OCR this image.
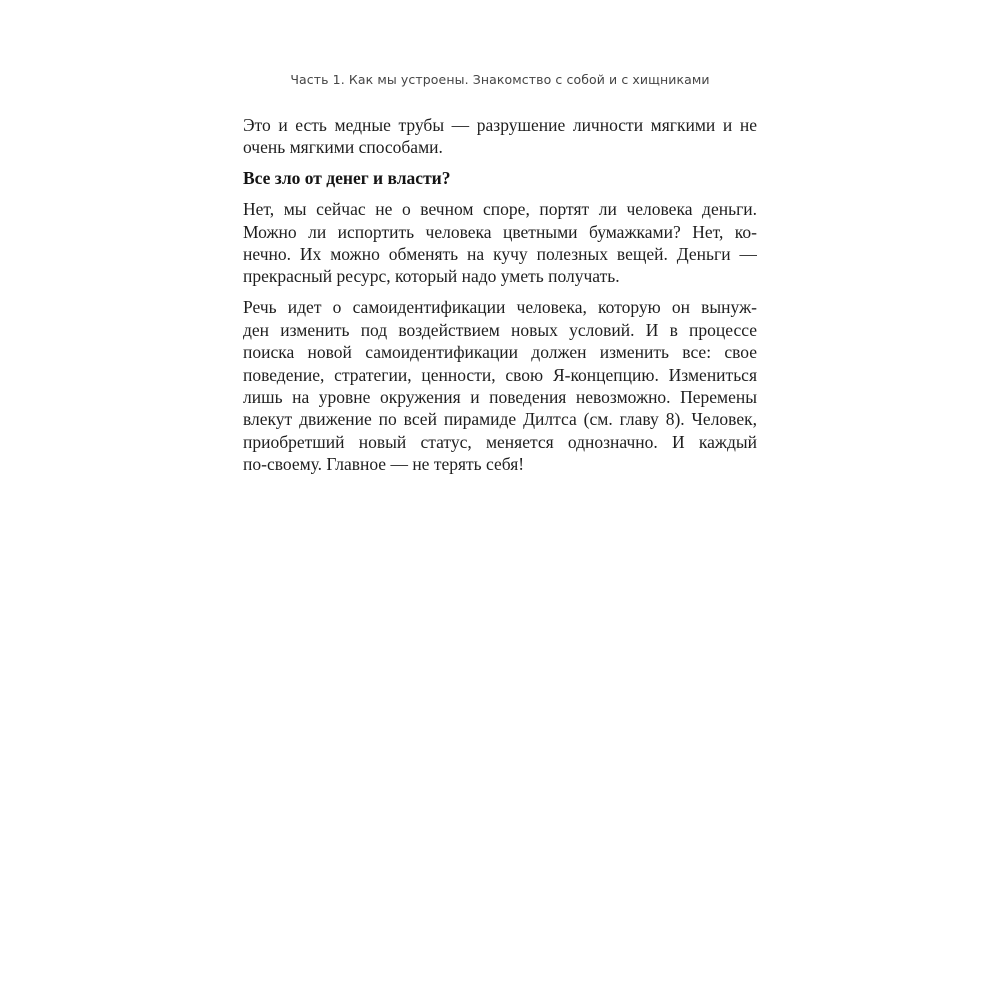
Часть 1. Как мы устроены. Знакомство с собой и с хищниками

Это и есть медные трубы — разрушение личности мягкими и не
очень мягкими способами.

Все зло от денег и власти?

Нет, мы сейчас не о вечном споре, портят ли человека деньги.
Можно ли испортить человека цветными бумажками? Нет, ко-
нечно. Их можно обменять на кучу полезных вещей. Деньги —
прекрасный ресурс, который надо уметь получать.

Речь идет о самоидентификации человека, которую он вынуж-
ден изменить под воздействием новых условий. И в процессе
поиска новой самоидентификации должен изменить все: свое
поведение, стратегии, ценности, свою Я-концепцию. Измениться
лишь на уровне окружения и поведения невозможно. Перемены
влекут движение по всей пирамиде Дилтса (см. главу 8). Человек,
приобретший новый статус, меняется однозначно. И каждый
по-своему. Главное — не терять себя!
